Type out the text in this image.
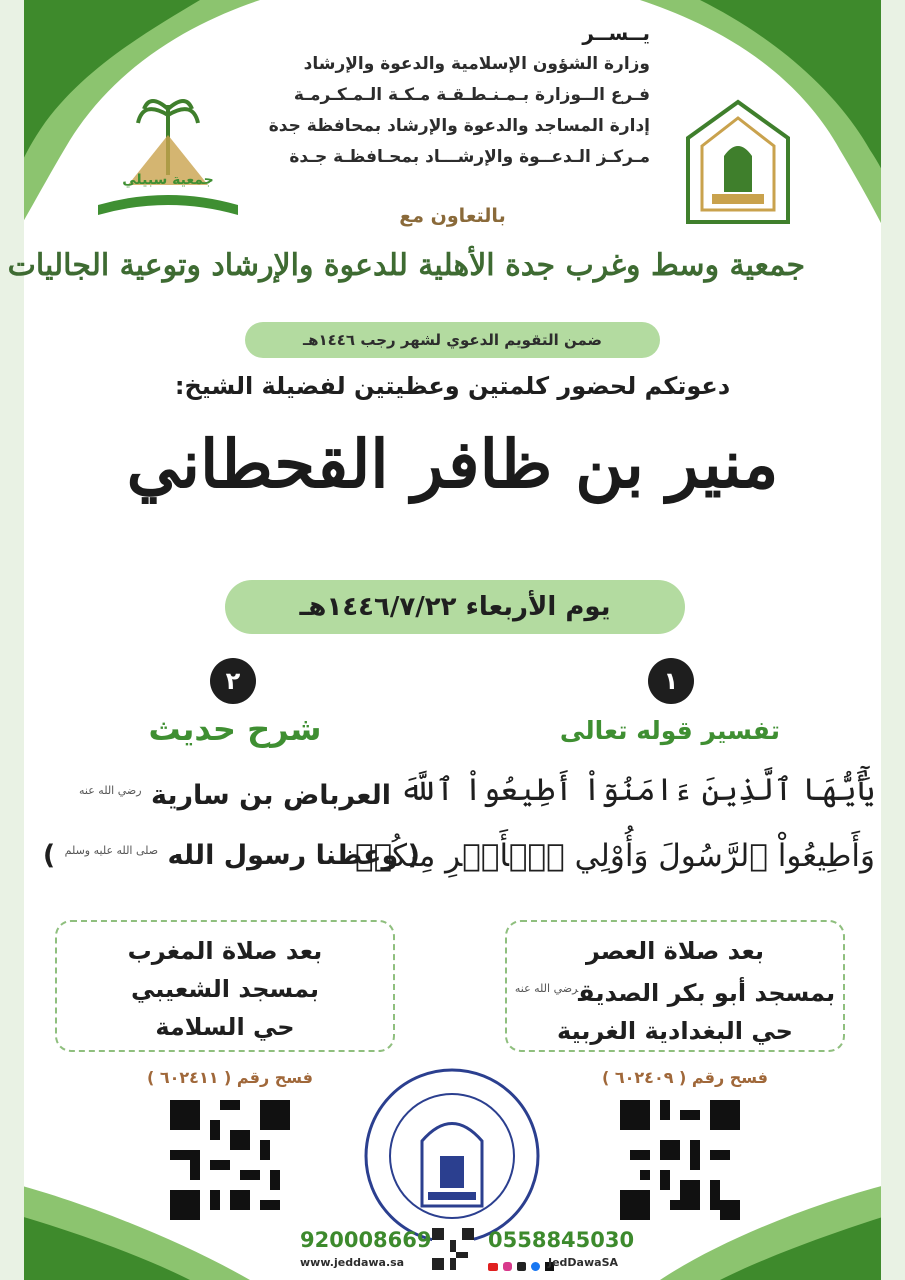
جمعية سبيلي
يــســر
وزارة الشؤون الإسلامية والدعوة والإرشاد
فـرع الــوزارة بـمـنـطـقـة مـكـة الـمـكـرمـة
إدارة المساجد والدعوة والإرشاد بمحافظة جدة
مـركـز الـدعــوة والإرشـــاد بمحـافظـة جـدة
بالتعاون مع
جمعية وسط وغرب جدة الأهلية للدعوة والإرشاد وتوعية الجاليات
ضمن التقويم الدعوي لشهر رجب ١٤٤٦هـ
دعوتكم لحضور كلمتين وعظيتين لفضيلة الشيخ:
منير بن ظافر القحطاني
يوم الأربعاء ١٤٤٦/٧/٢٢هـ
١
تفسير قوله تعالى
يَٰٓأَيُّهَا ٱلَّذِينَ ءَامَنُوٓاْ أَطِيعُواْ ٱللَّهَ
وَأَطِيعُواْ ٱلرَّسُولَ وَأُوْلِي ٱلۡأَمۡرِ مِنكُمۡ
٢
شرح حديث
العرباض بن سارية $^{رضي الله عنه}$
( وعظنا رسول الله $^{صلى الله عليه وسلم}$ )
بعد صلاة العصر
بمسجد أبو بكر الصديق$^{رضي الله عنه}$
حي البغدادية الغربية
بعد صلاة المغرب
بمسجد الشعيبي
حي السلامة
فسح رقم ( ٦٠٢٤٠٩ )
فسح رقم ( ٦٠٢٤١١ )
920008669
www.jeddawa.sa
0558845030

JedDawaSA
